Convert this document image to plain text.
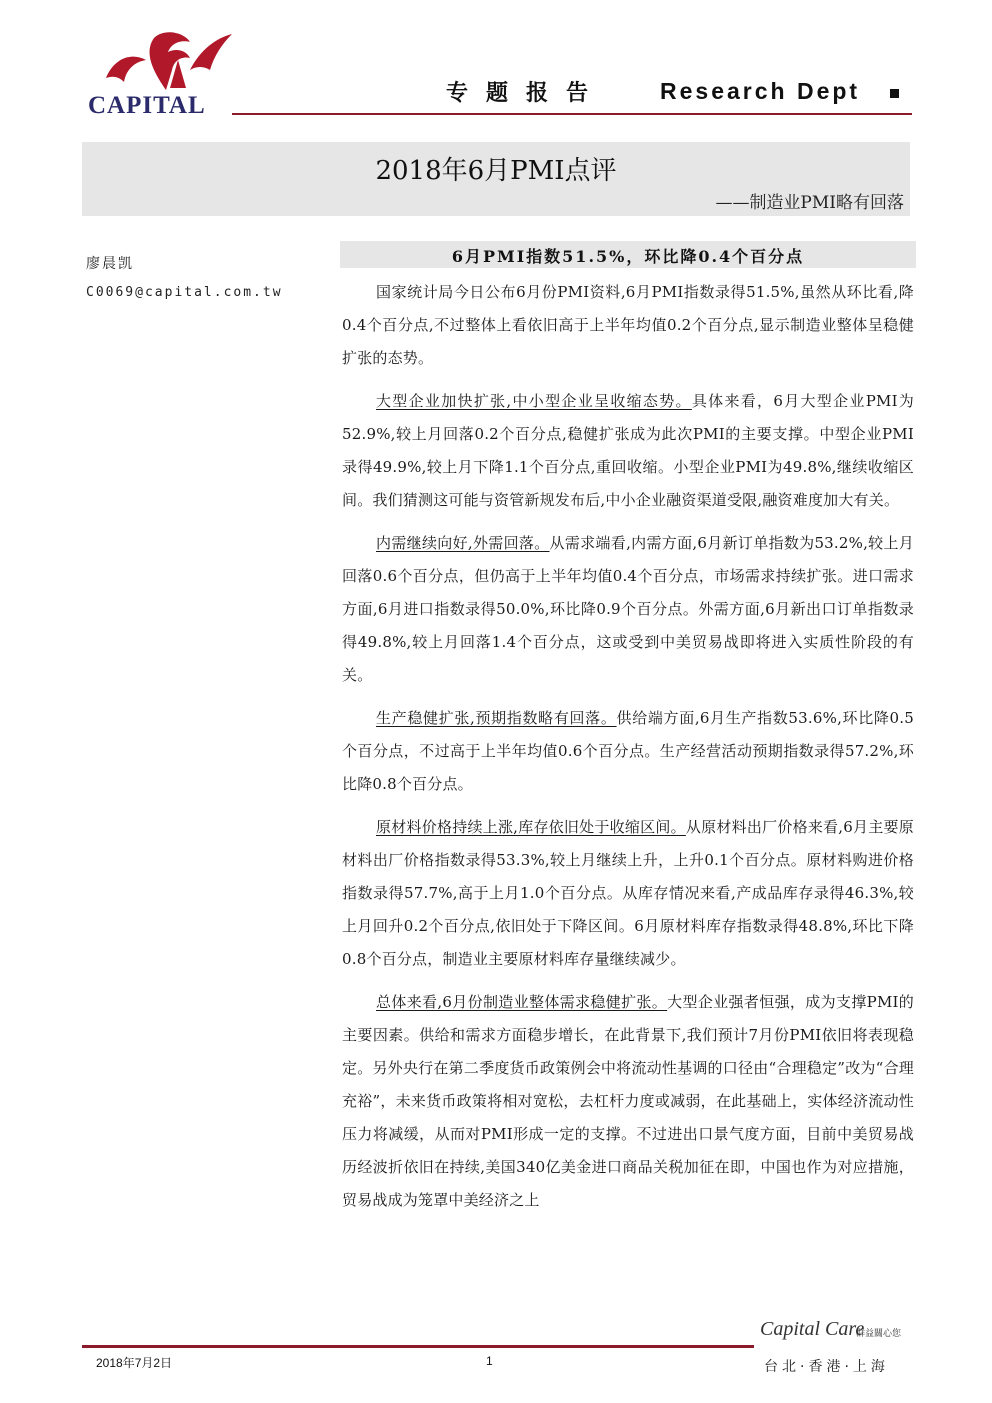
CAPITAL	专题报告 Research Dept
2018年6月PMI点评
——制造业PMI略有回落
廖晨凯
C0069@capital.com.tw
6月PMI指数51.5%，环比降0.4个百分点

国家统计局今日公布6月份PMI资料,6月PMI指数录得51.5%,虽然从环比看,降0.4个百分点,不过整体上看依旧高于上半年均值0.2个百分点,显示制造业整体呈稳健扩张的态势。

大型企业加快扩张,中小型企业呈收缩态势。具体来看，6月大型企业PMI为52.9%,较上月回落0.2个百分点,稳健扩张成为此次PMI的主要支撑。中型企业PMI录得49.9%,较上月下降1.1个百分点,重回收缩。小型企业PMI为49.8%,继续收缩区间。我们猜测这可能与资管新规发布后,中小企业融资渠道受限,融资难度加大有关。

内需继续向好,外需回落。从需求端看,内需方面,6月新订单指数为53.2%,较上月回落0.6个百分点，但仍高于上半年均值0.4个百分点，市场需求持续扩张。进口需求方面,6月进口指数录得50.0%,环比降0.9个百分点。外需方面,6月新出口订单指数录得49.8%,较上月回落1.4个百分点，这或受到中美贸易战即将进入实质性阶段的有关。

生产稳健扩张,预期指数略有回落。供给端方面,6月生产指数53.6%,环比降0.5个百分点，不过高于上半年均值0.6个百分点。生产经营活动预期指数录得57.2%,环比降0.8个百分点。

原材料价格持续上涨,库存依旧处于收缩区间。从原材料出厂价格来看,6月主要原材料出厂价格指数录得53.3%,较上月继续上升，上升0.1个百分点。原材料购进价格指数录得57.7%,高于上月1.0个百分点。从库存情况来看,产成品库存录得46.3%,较上月回升0.2个百分点,依旧处于下降区间。6月原材料库存指数录得48.8%,环比下降0.8个百分点，制造业主要原材料库存量继续减少。

总体来看,6月份制造业整体需求稳健扩张。大型企业强者恒强，成为支撑PMI的主要因素。供给和需求方面稳步增长，在此背景下,我们预计7月份PMI依旧将表现稳定。另外央行在第二季度货币政策例会中将流动性基调的口径由“合理稳定”改为“合理充裕”，未来货币政策将相对宽松，去杠杆力度或减弱，在此基础上，实体经济流动性压力将减缓，从而对PMI形成一定的支撑。不过进出口景气度方面，目前中美贸易战历经波折依旧在持续,美国340亿美金进口商品关税加征在即，中国也作为对应措施，贸易战成为笼罩中美经济之上

2018年7月2日	1
Capital Care
群益關心您
台北·香港·上海
